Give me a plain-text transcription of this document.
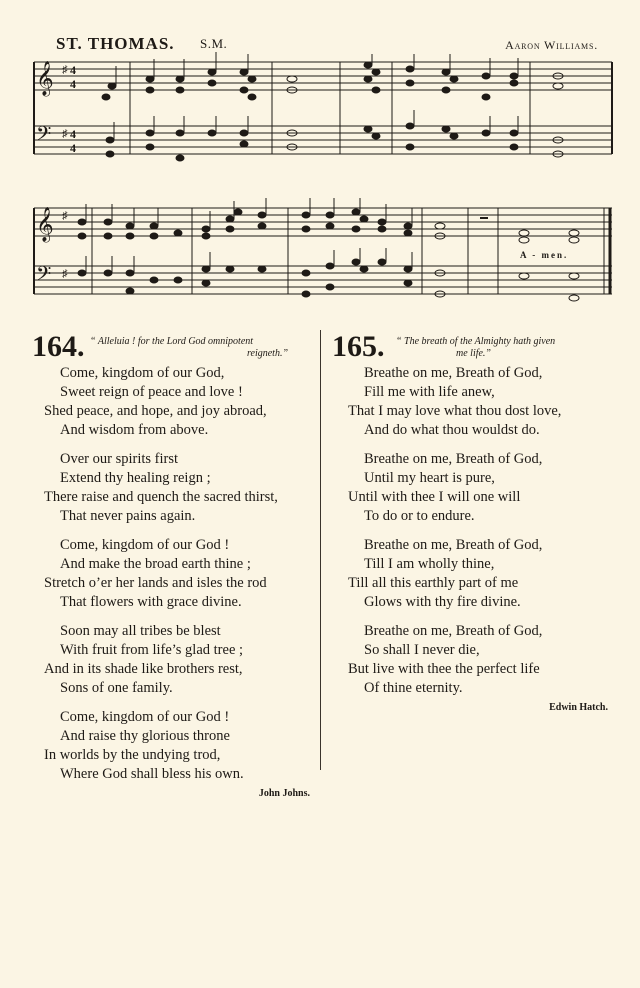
ST. THOMAS. S.M.	Aaron Williams.
𝄞
𝄢
4
4
4
4
♯
♯
𝄞
𝄢
♯
♯
A - men.
164. “ Alleluia ! for the Lord God omnipotent
reigneth.”
Come, kingdom of our God,
Sweet reign of peace and love !
Shed peace, and hope, and joy abroad,
And wisdom from above.
Over our spirits first
Extend thy healing reign ;
There raise and quench the sacred thirst,
That never pains again.
Come, kingdom of our God !
And make the broad earth thine ;
Stretch o’er her lands and isles the rod
That flowers with grace divine.
Soon may all tribes be blest
With fruit from life’s glad tree ;
And in its shade like brothers rest,
Sons of one family.
Come, kingdom of our God !
And raise thy glorious throne
In worlds by the undying trod,
Where God shall bless his own.
John Johns.
165. “ The breath of the Almighty hath given
me life.”
Breathe on me, Breath of God,
Fill me with life anew,
That I may love what thou dost love,
And do what thou wouldst do.
Breathe on me, Breath of God,
Until my heart is pure,
Until with thee I will one will
To do or to endure.
Breathe on me, Breath of God,
Till I am wholly thine,
Till all this earthly part of me
Glows with thy fire divine.
Breathe on me, Breath of God,
So shall I never die,
But live with thee the perfect life
Of thine eternity.
Edwin Hatch.
